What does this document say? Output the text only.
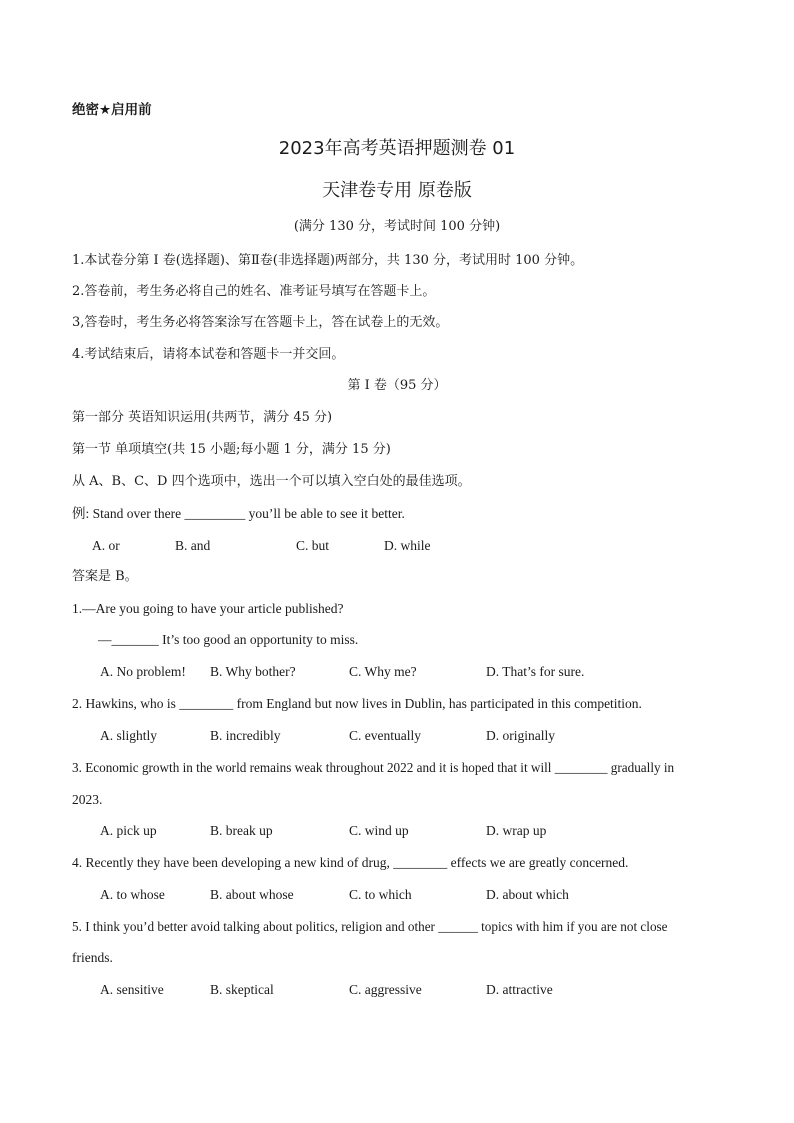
绝密★启用前
2023年高考英语押题测卷 01
天津卷专用 原卷版
(满分 130 分，考试时间 100 分钟)
1.本试卷分第 I 卷(选择题)、第Ⅱ卷(非选择题)两部分，共 130 分，考试用时 100 分钟。
2.答卷前，考生务必将自己的姓名、准考证号填写在答题卡上。
3,答卷时，考生务必将答案涂写在答题卡上，答在试卷上的无效。
4.考试结束后，请将本试卷和答题卡一并交回。
第 I 卷（95 分）
第一部分 英语知识运用(共两节，满分 45 分)
第一节 单项填空(共 15 小题;每小题 1 分，满分 15 分)
从 A、B、C、D 四个选项中，选出一个可以填入空白处的最佳选项。
例: Stand over there _________ you’ll be able to see it better.
A. or	B. and	C. but	D. while
答案是 B。
1.—Are you going to have your article published?
—_______ It’s too good an opportunity to miss.
A. No problem! B. Why bother?	C. Why me?	D. That’s for sure.
2. Hawkins, who is ________ from England but now lives in Dublin, has participated in this competition.
A. slightly	B. incredibly	C. eventually	D. originally
3. Economic growth in the world remains weak throughout 2022 and it is hoped that it will ________ gradually in
2023.
A. pick up	B. break up	C. wind up	D. wrap up
4. Recently they have been developing a new kind of drug, ________ effects we are greatly concerned.
A. to whose	B. about whose	C. to which	D. about which
5. I think you’d better avoid talking about politics, religion and other ______ topics with him if you are not close
friends.
A. sensitive	B. skeptical	C. aggressive	D. attractive
